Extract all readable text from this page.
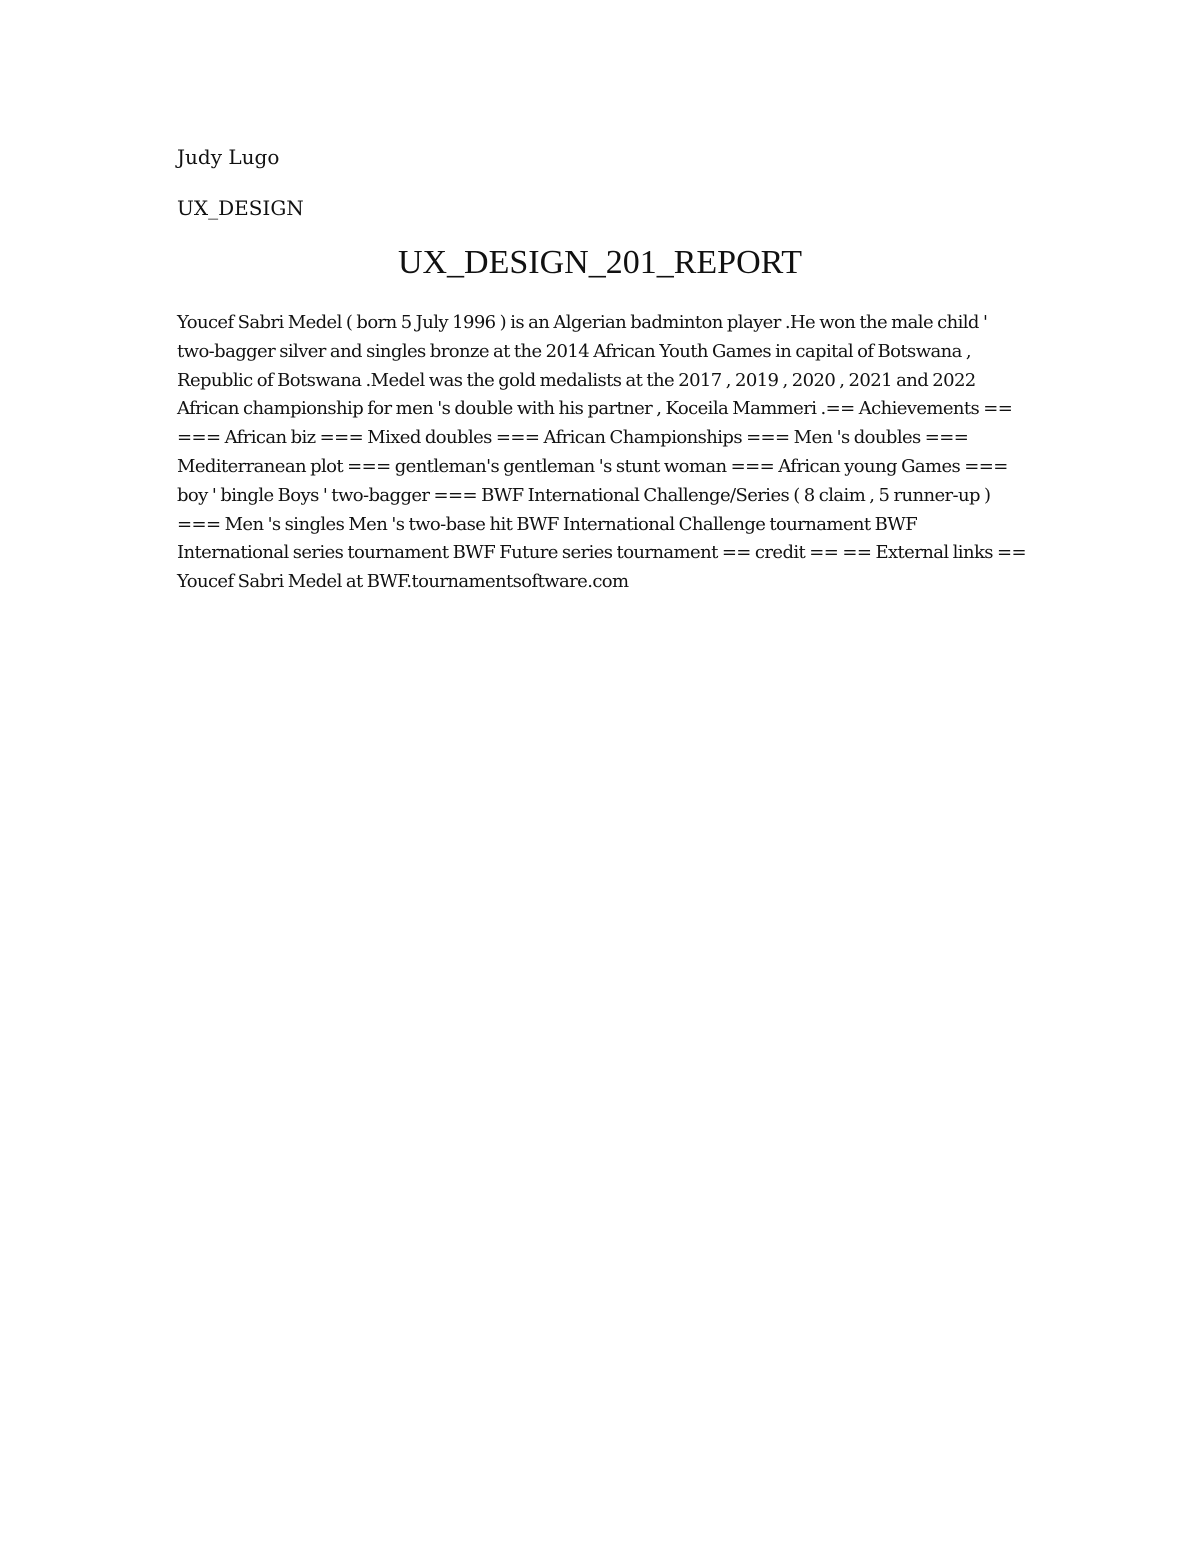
Judy Lugo

UX_DESIGN

UX_DESIGN_201_REPORT

Youcef Sabri Medel ( born 5 July 1996 ) is an Algerian badminton player .He won the male child ' two-bagger silver and singles bronze at the 2014 African Youth Games in capital of Botswana , Republic of Botswana .Medel was the gold medalists at the 2017 , 2019 , 2020 , 2021 and 2022 African championship for men 's double with his partner , Koceila Mammeri .== Achievements == === African biz === Mixed doubles === African Championships === Men 's doubles === Mediterranean plot === gentleman's gentleman 's stunt woman === African young Games === boy ' bingle Boys ' two-bagger === BWF International Challenge/Series ( 8 claim , 5 runner-up ) === Men 's singles Men 's two-base hit BWF International Challenge tournament BWF International series tournament BWF Future series tournament == credit == == External links == Youcef Sabri Medel at BWF.tournamentsoftware.com
